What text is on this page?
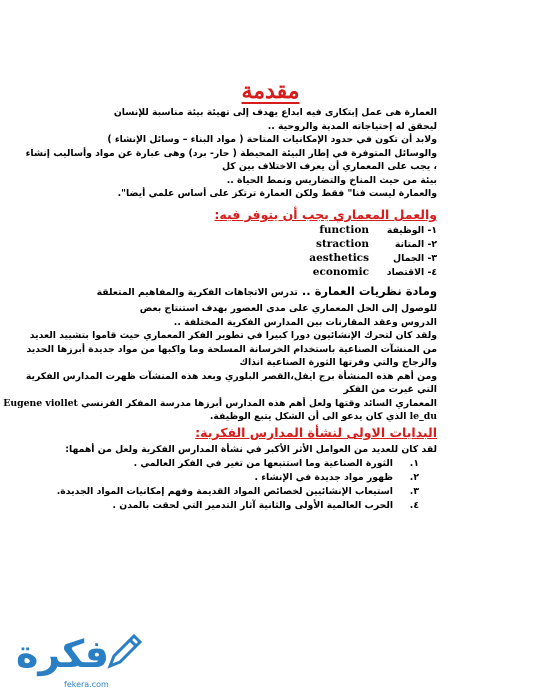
مقدمة
العمارة هى عمل إبتكارى فيه ابداع يهدف إلى تهيئة بيئة مناسبة للإنسان
ليحقق له إحتياجاته المدية والروحية ..
ولابد أن تكون في حدود الإمكانيات المتاحة ( مواد البناء – وسائل الإنشاء )
والوسائل المتوفرة في إطار البيئة المحيطة ( حار- برد) وهى عبارة عن مواد وأساليب إنشاء
، يجب على المعماري أن يعرف الاختلاف بين كل
بيئة من حيث المناخ والتضاريس ونمط الحياة ..
والعمارة ليست فنا" فقط ولكن العمارة ترتكز على أساس علمي أيضا".
والعمل المعماري يجب أن يتوفر فيه:
١- الوظيفة
function
٢- المتانة
straction
٣- الجمال
aesthetics
٤- الاقتصاد
economic
ومادة نظريات العمارة .. تدرس الاتجاهات الفكرية والمفاهيم المتعلقة
للوصول إلى الحل المعماري على مدى العصور بهدف استنتاج بعض
الدروس وعقد المقارنات بين المدارس الفكرية المختلفة ..
ولقد كان لتحرك الإنشائيون دورا كبيرا في تطوير الفكر المعماري حيث قاموا بتشييد العديد
من المنشآت الصناعية باستخدام الخرسانة المسلحة وما واكبها من مواد جديدة أبرزها الحديد
والزجاج والتي وفرتها الثورة الصناعية انذاك
ومن أهم هذه المنشأة برج ايفل،القصر البلوري وبعد هذه المنشآت ظهرت المدارس الفكرية
التي غيرت من الفكر
المعماري السائد وقتها ولعل أهم هذه المدارس أبرزها مدرسة المفكر الفرنسي Eugene viollet
le_du الذي كان يدعو الى أن الشكل يتبع الوظيفة.
البدايات الاولى لنشأة المدارس الفكرية:
لقد كان للعديد من العوامل الأثر الأكبر في نشأة المدارس الفكرية ولعل من أهمها:
١.
الثورة الصناعية وما استتبعها من تغير في الفكر العالمي .
٢.
ظهور مواد جديدة في الإنشاء .
٣.
استيعاب الإنشائيين لخصائص المواد القديمة وفهم إمكانيات المواد الجديدة.
٤.
الحرب العالمية الأولى والثانية آثار التدمير التي لحقت بالمدن .
فكرة
fekera.com
